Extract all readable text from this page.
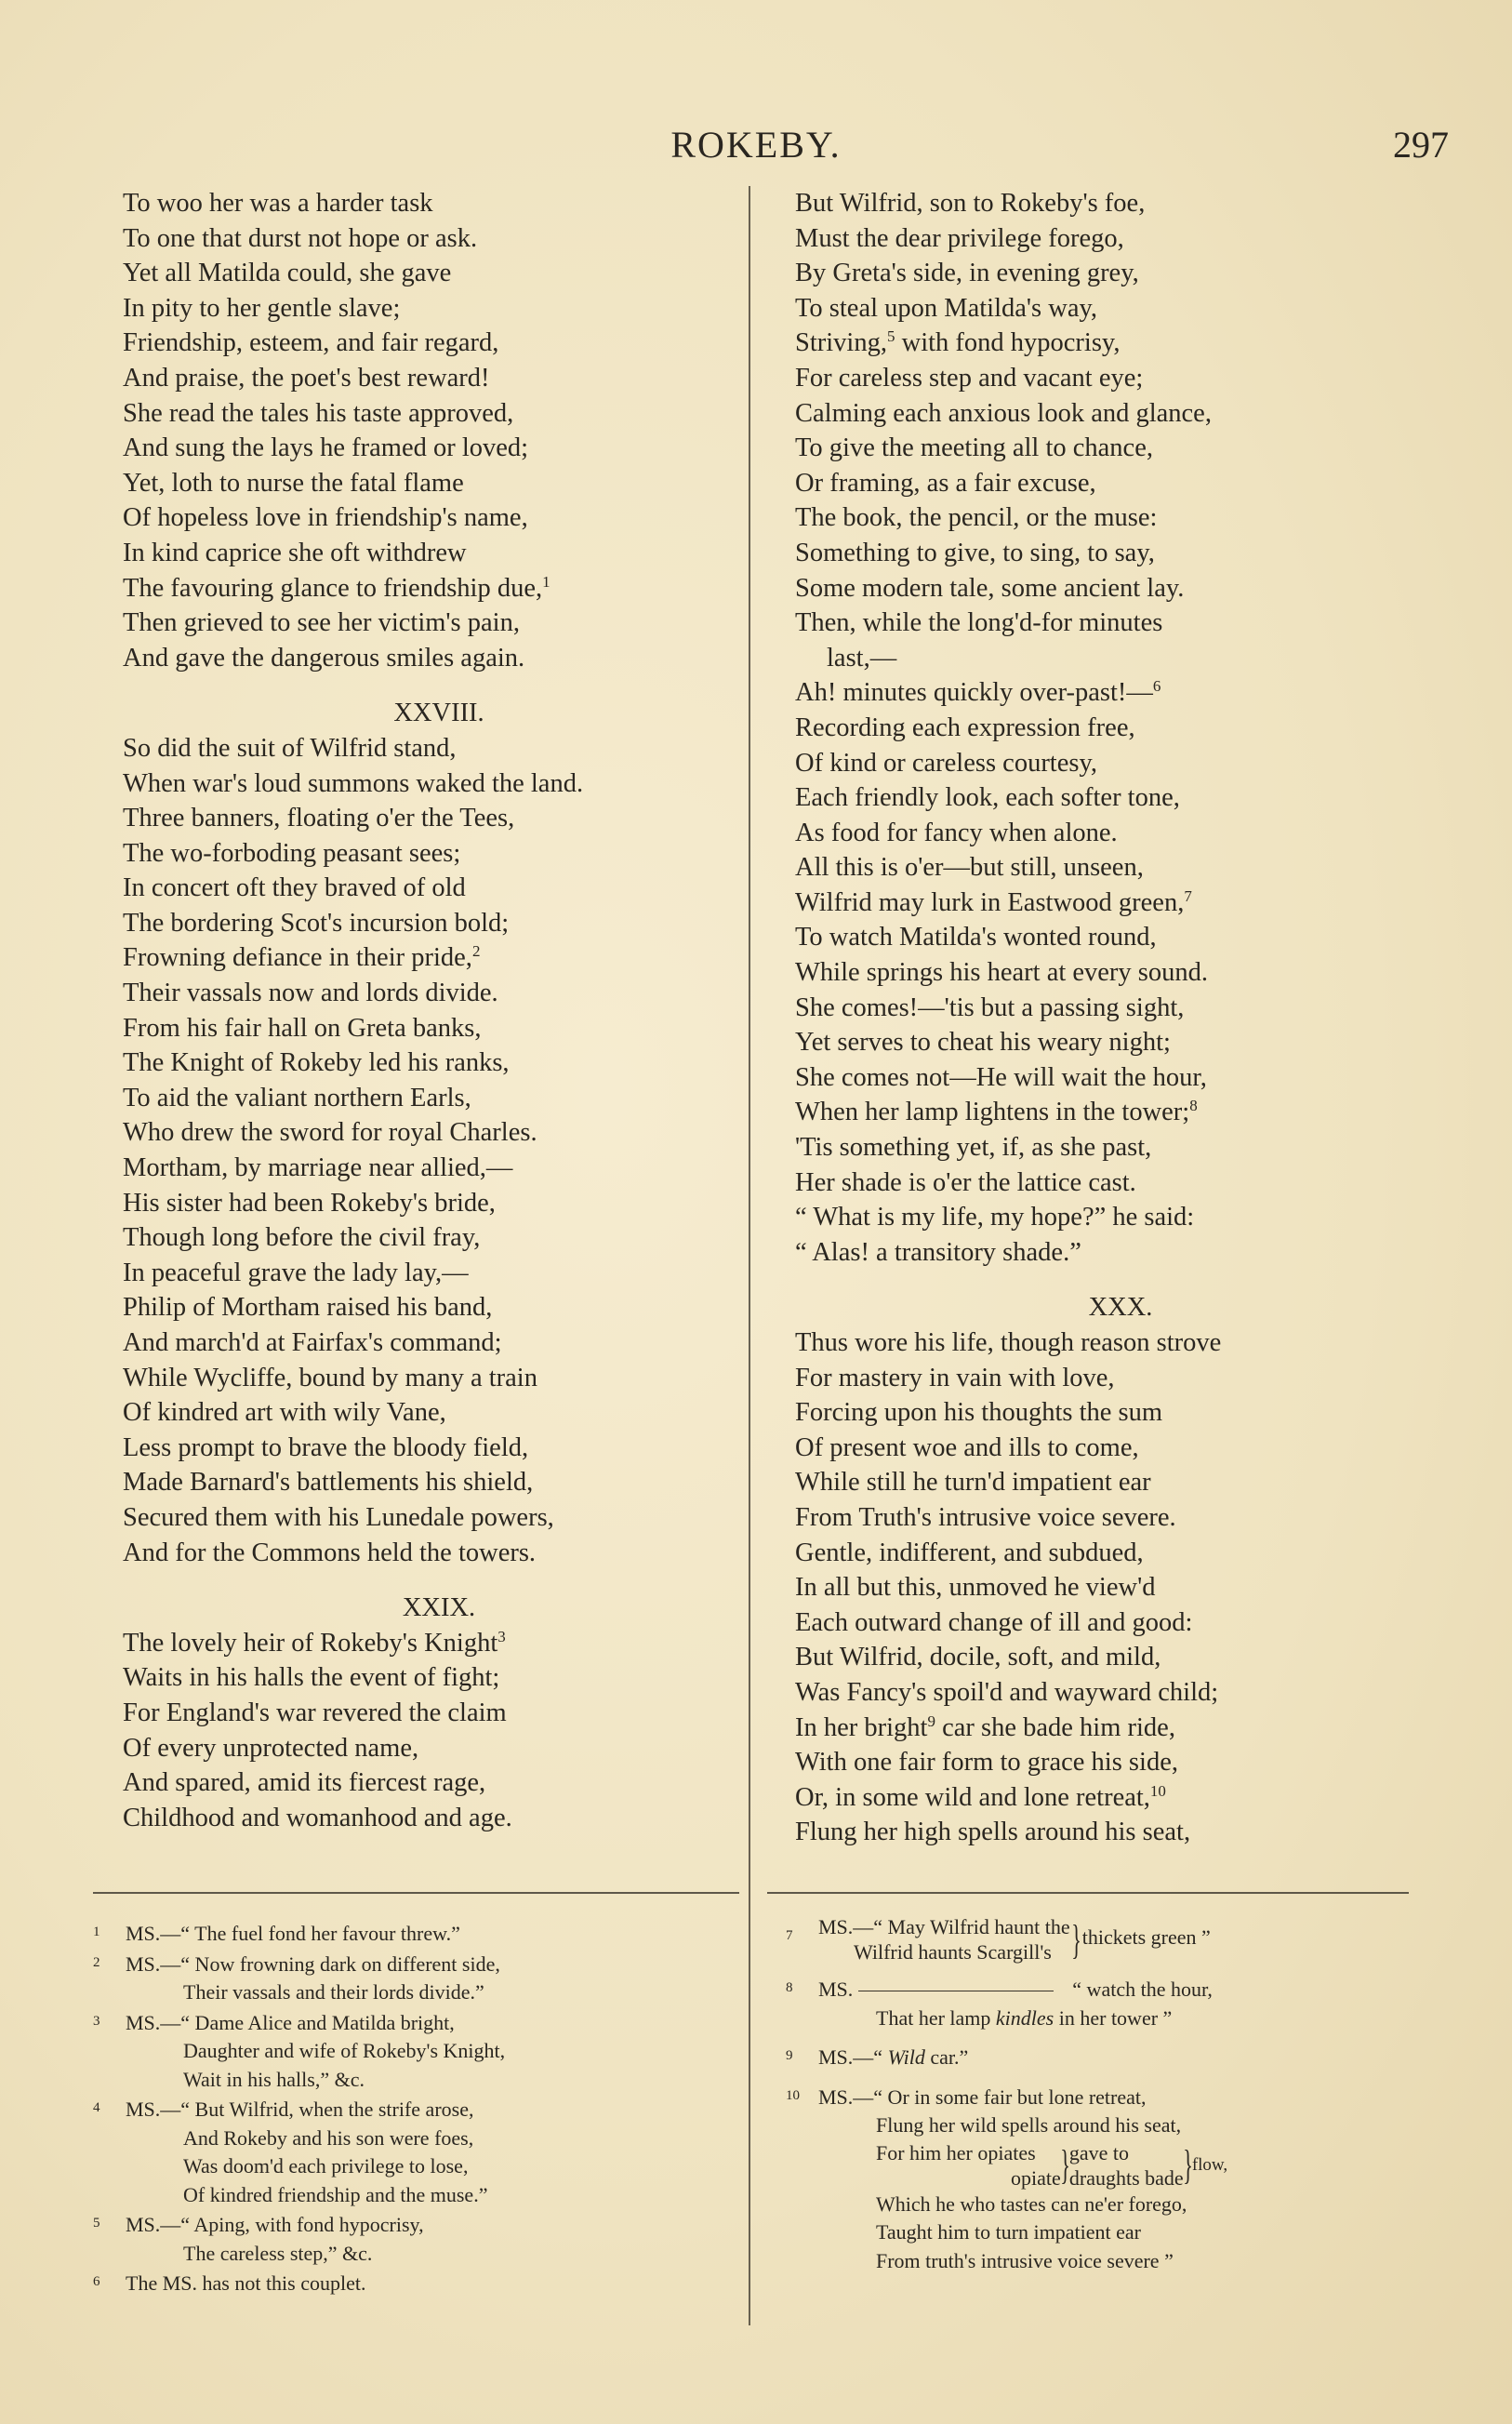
ROKEBY.	297
To woo her was a harder task
To one that durst not hope or ask.
Yet all Matilda could, she gave
In pity to her gentle slave;
Friendship, esteem, and fair regard,
And praise, the poet's best reward!
She read the tales his taste approved,
And sung the lays he framed or loved;
Yet, loth to nurse the fatal flame
Of hopeless love in friendship's name,
In kind caprice she oft withdrew
The favouring glance to friendship due,$^1$
Then grieved to see her victim's pain,
And gave the dangerous smiles again.
XXVIII.
So did the suit of Wilfrid stand,
When war's loud summons waked the land.
Three banners, floating o'er the Tees,
The wo-forboding peasant sees;
In concert oft they braved of old
The bordering Scot's incursion bold;
Frowning defiance in their pride,$^2$
Their vassals now and lords divide.
From his fair hall on Greta banks,
The Knight of Rokeby led his ranks,
To aid the valiant northern Earls,
Who drew the sword for royal Charles.
Mortham, by marriage near allied,—
His sister had been Rokeby's bride,
Though long before the civil fray,
In peaceful grave the lady lay,—
Philip of Mortham raised his band,
And march'd at Fairfax's command;
While Wycliffe, bound by many a train
Of kindred art with wily Vane,
Less prompt to brave the bloody field,
Made Barnard's battlements his shield,
Secured them with his Lunedale powers,
And for the Commons held the towers.
XXIX.
The lovely heir of Rokeby's Knight$^3$
Waits in his halls the event of fight;
For England's war revered the claim
Of every unprotected name,
And spared, amid its fiercest rage,
Childhood and womanhood and age.
But Wilfrid, son to Rokeby's foe,
Must the dear privilege forego,
By Greta's side, in evening grey,
To steal upon Matilda's way,
Striving,$^5$ with fond hypocrisy,
For careless step and vacant eye;
Calming each anxious look and glance,
To give the meeting all to chance,
Or framing, as a fair excuse,
The book, the pencil, or the muse:
Something to give, to sing, to say,
Some modern tale, some ancient lay.
Then, while the long'd-for minutes
last,—
Ah! minutes quickly over-past!—$^6$
Recording each expression free,
Of kind or careless courtesy,
Each friendly look, each softer tone,
As food for fancy when alone.
All this is o'er—but still, unseen,
Wilfrid may lurk in Eastwood green,$^7$
To watch Matilda's wonted round,
While springs his heart at every sound.
She comes!—'tis but a passing sight,
Yet serves to cheat his weary night;
She comes not—He will wait the hour,
When her lamp lightens in the tower;$^8$
'Tis something yet, if, as she past,
Her shade is o'er the lattice cast.
“ What is my life, my hope?” he said:
“ Alas! a transitory shade.”
XXX.
Thus wore his life, though reason strove
For mastery in vain with love,
Forcing upon his thoughts the sum
Of present woe and ills to come,
While still he turn'd impatient ear
From Truth's intrusive voice severe.
Gentle, indifferent, and subdued,
In all but this, unmoved he view'd
Each outward change of ill and good:
But Wilfrid, docile, soft, and mild,
Was Fancy's spoil'd and wayward child;
In her bright$^9$ car she bade him ride,
With one fair form to grace his side,
Or, in some wild and lone retreat,$^{10}$
Flung her high spells around his seat,
1 MS.—“ The fuel fond her favour threw.”
2 MS.—“ Now frowning dark on different side,
Their vassals and their lords divide.”
3 MS.—“ Dame Alice and Matilda bright,
Daughter and wife of Rokeby's Knight,
Wait in his halls,” &c.
4 MS.—“ But Wilfrid, when the strife arose,
And Rokeby and his son were foes,
Was doom'd each privilege to lose,
Of kindred friendship and the muse.”
5 MS.—“ Aping, with fond hypocrisy,
The careless step,” &c.
6 The MS. has not this couplet.
7 MS.—“ May Wilfrid haunt the
Wilfrid haunts Scargill's }thickets green ”
8 MS.	“ watch the hour,
That her lamp kindles in her tower ”
9 MS.—“ Wild car.”
10 MS.—“ Or in some fair but lone retreat,
Flung her wild spells around his seat,
For him her opiates
opiate } gave to
draughts bade }flow,
Which he who tastes can ne'er forego,
Taught him to turn impatient ear
From truth's intrusive voice severe ”
